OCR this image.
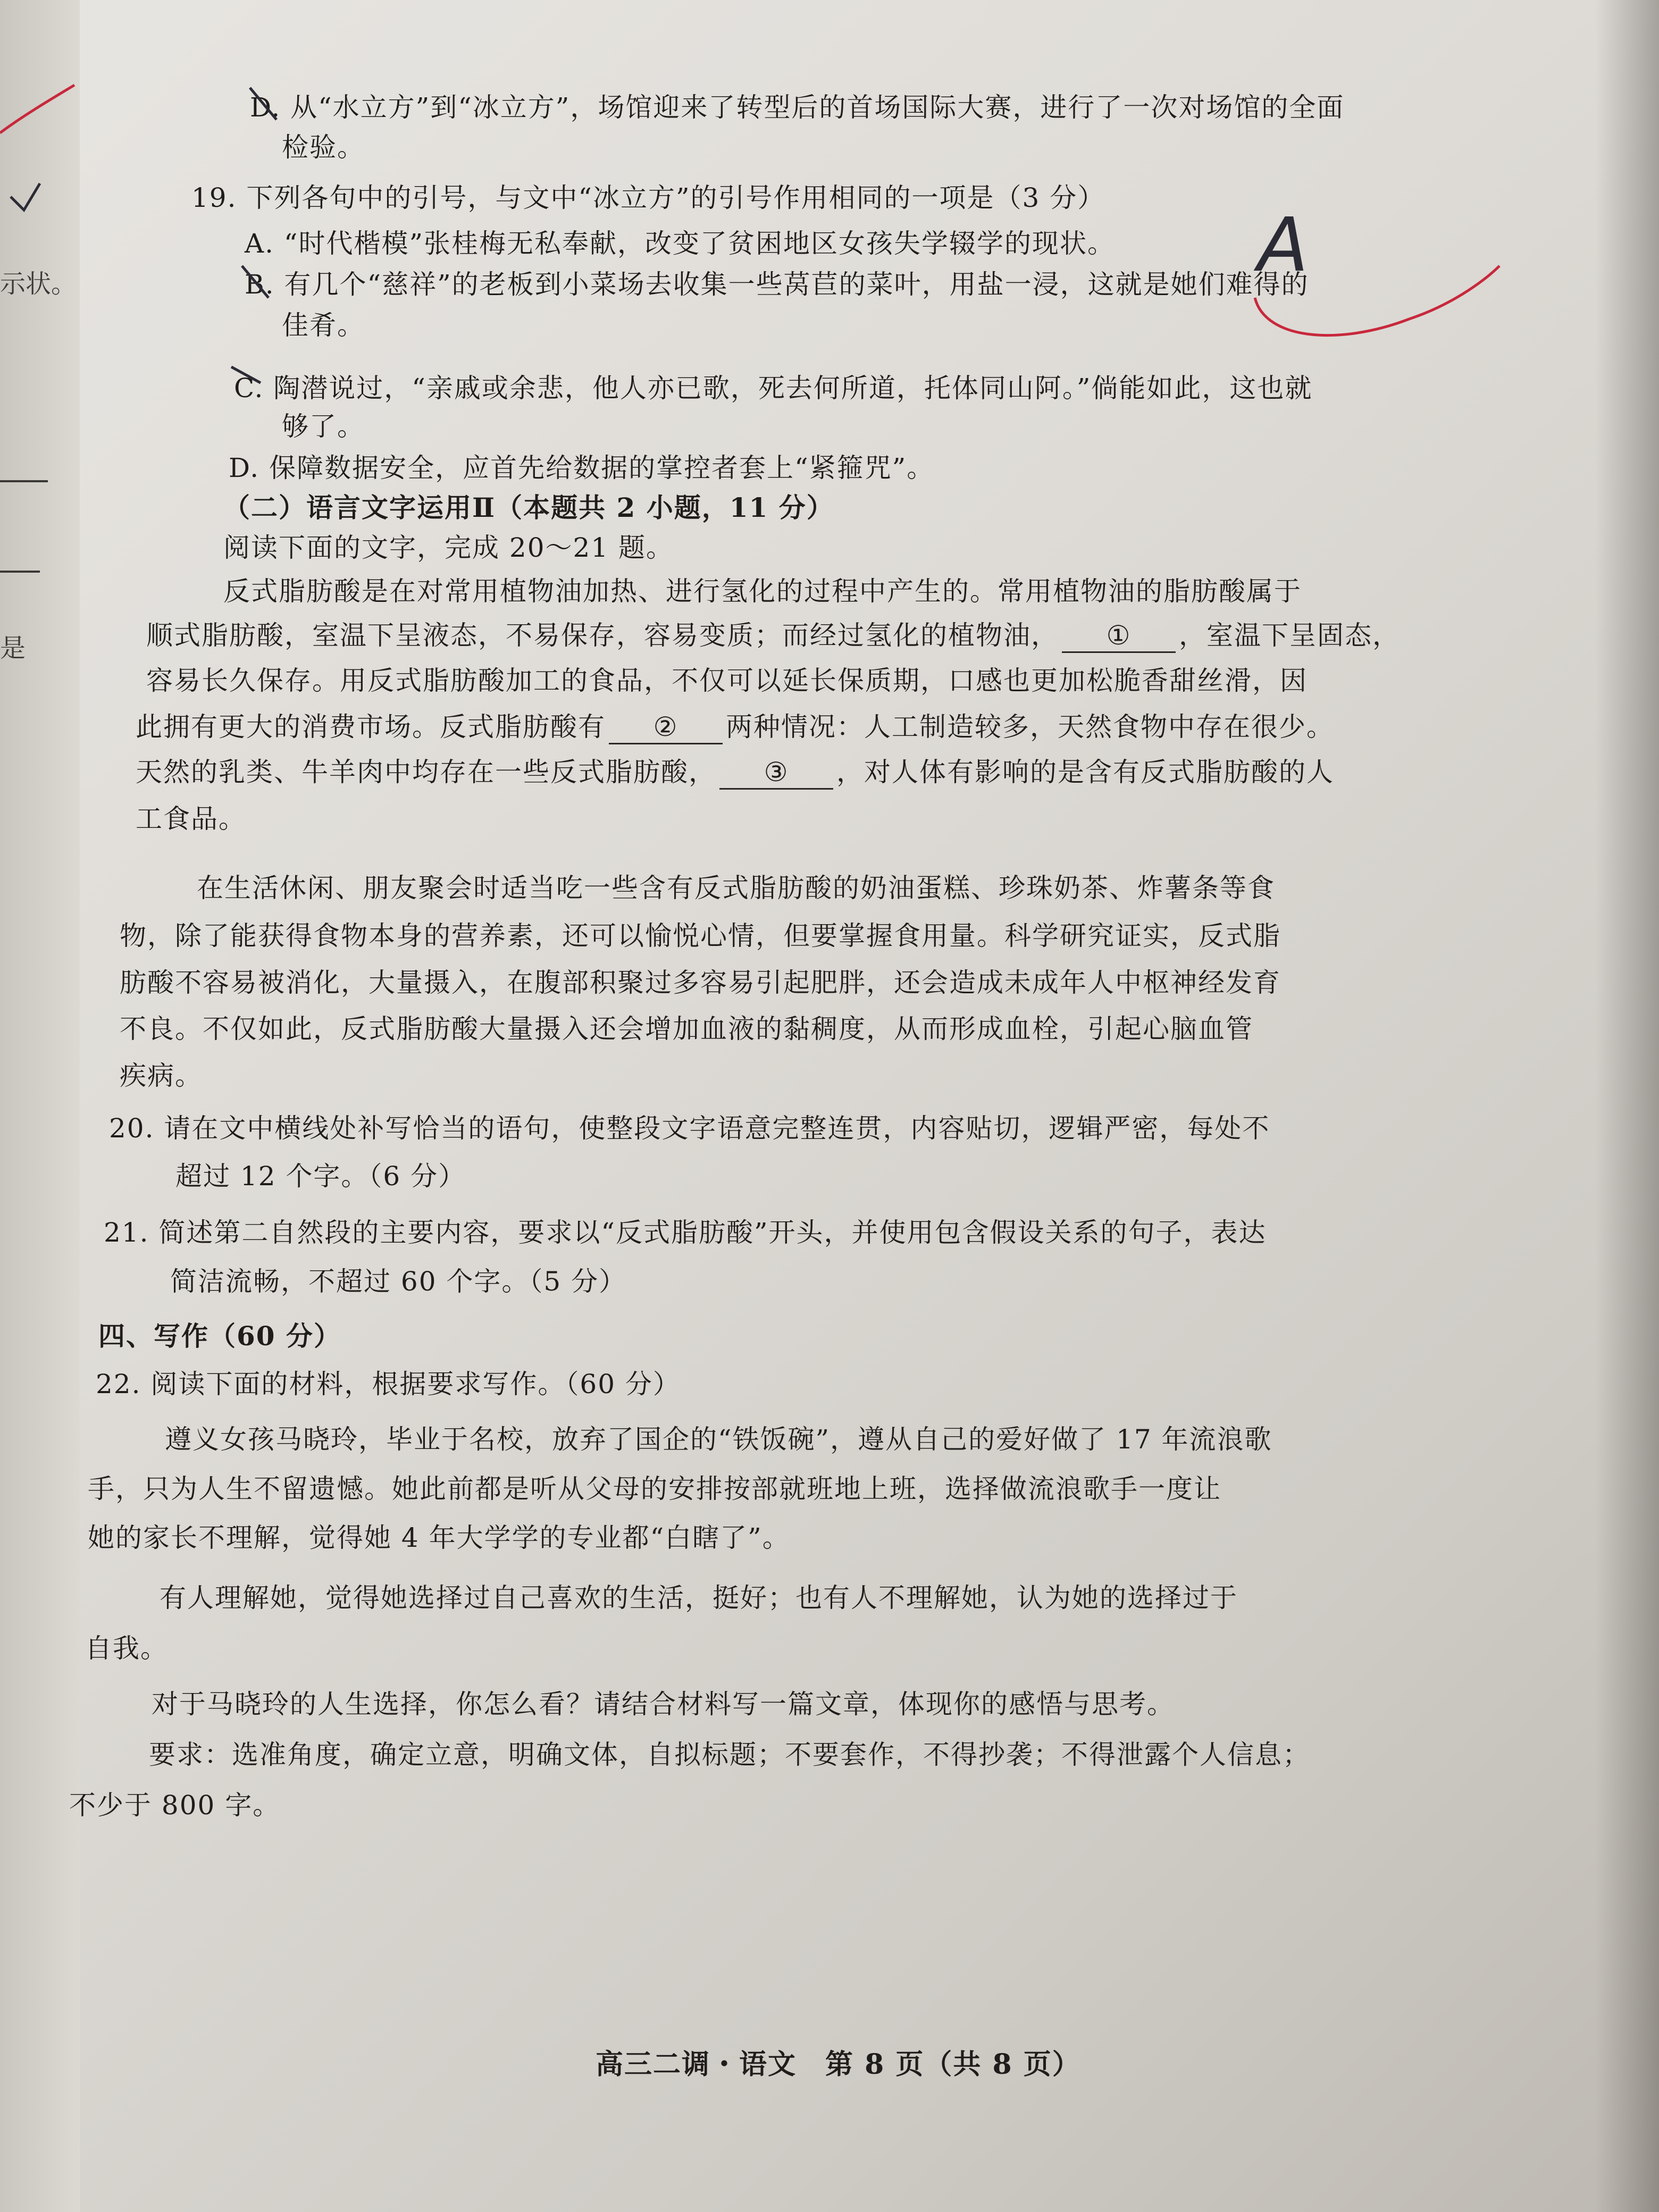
示状。
是
D. 从“水立方”到“冰立方”，场馆迎来了转型后的首场国际大赛，进行了一次对场馆的全面
检验。
19. 下列各句中的引号，与文中“冰立方”的引号作用相同的一项是（3 分）
A. “时代楷模”张桂梅无私奉献，改变了贫困地区女孩失学辍学的现状。
B. 有几个“慈祥”的老板到小菜场去收集一些莴苣的菜叶，用盐一浸，这就是她们难得的
佳肴。
C. 陶潜说过，“亲戚或余悲，他人亦已歌，死去何所道，托体同山阿。”倘能如此，这也就
够了。
D. 保障数据安全，应首先给数据的掌控者套上“紧箍咒”。
（二）语言文字运用Ⅱ（本题共 2 小题，11 分）
阅读下面的文字，完成 20～21 题。
反式脂肪酸是在对常用植物油加热、进行氢化的过程中产生的。常用植物油的脂肪酸属于
顺式脂肪酸，室温下呈液态，不易保存，容易变质；而经过氢化的植物油， ① ，室温下呈固态，
容易长久保存。用反式脂肪酸加工的食品，不仅可以延长保质期，口感也更加松脆香甜丝滑，因
此拥有更大的消费市场。反式脂肪酸有 ② 两种情况：人工制造较多，天然食物中存在很少。
天然的乳类、牛羊肉中均存在一些反式脂肪酸， ③ ，对人体有影响的是含有反式脂肪酸的人
工食品。
在生活休闲、朋友聚会时适当吃一些含有反式脂肪酸的奶油蛋糕、珍珠奶茶、炸薯条等食
物，除了能获得食物本身的营养素，还可以愉悦心情，但要掌握食用量。科学研究证实，反式脂
肪酸不容易被消化，大量摄入，在腹部积聚过多容易引起肥胖，还会造成未成年人中枢神经发育
不良。不仅如此，反式脂肪酸大量摄入还会增加血液的黏稠度，从而形成血栓，引起心脑血管
疾病。
20. 请在文中横线处补写恰当的语句，使整段文字语意完整连贯，内容贴切，逻辑严密，每处不
超过 12 个字。（6 分）
21. 简述第二自然段的主要内容，要求以“反式脂肪酸”开头，并使用包含假设关系的句子，表达
简洁流畅，不超过 60 个字。（5 分）
四、写作（60 分）
22. 阅读下面的材料，根据要求写作。（60 分）
遵义女孩马晓玲，毕业于名校，放弃了国企的“铁饭碗”，遵从自己的爱好做了 17 年流浪歌
手，只为人生不留遗憾。她此前都是听从父母的安排按部就班地上班，选择做流浪歌手一度让
她的家长不理解，觉得她 4 年大学学的专业都“白瞎了”。
有人理解她，觉得她选择过自己喜欢的生活，挺好；也有人不理解她，认为她的选择过于
自我。
对于马晓玲的人生选择，你怎么看？请结合材料写一篇文章，体现你的感悟与思考。
要求：选准角度，确定立意，明确文体，自拟标题；不要套作，不得抄袭；不得泄露个人信息；
不少于 800 字。
高三二调・语文　第 8 页（共 8 页）
A
